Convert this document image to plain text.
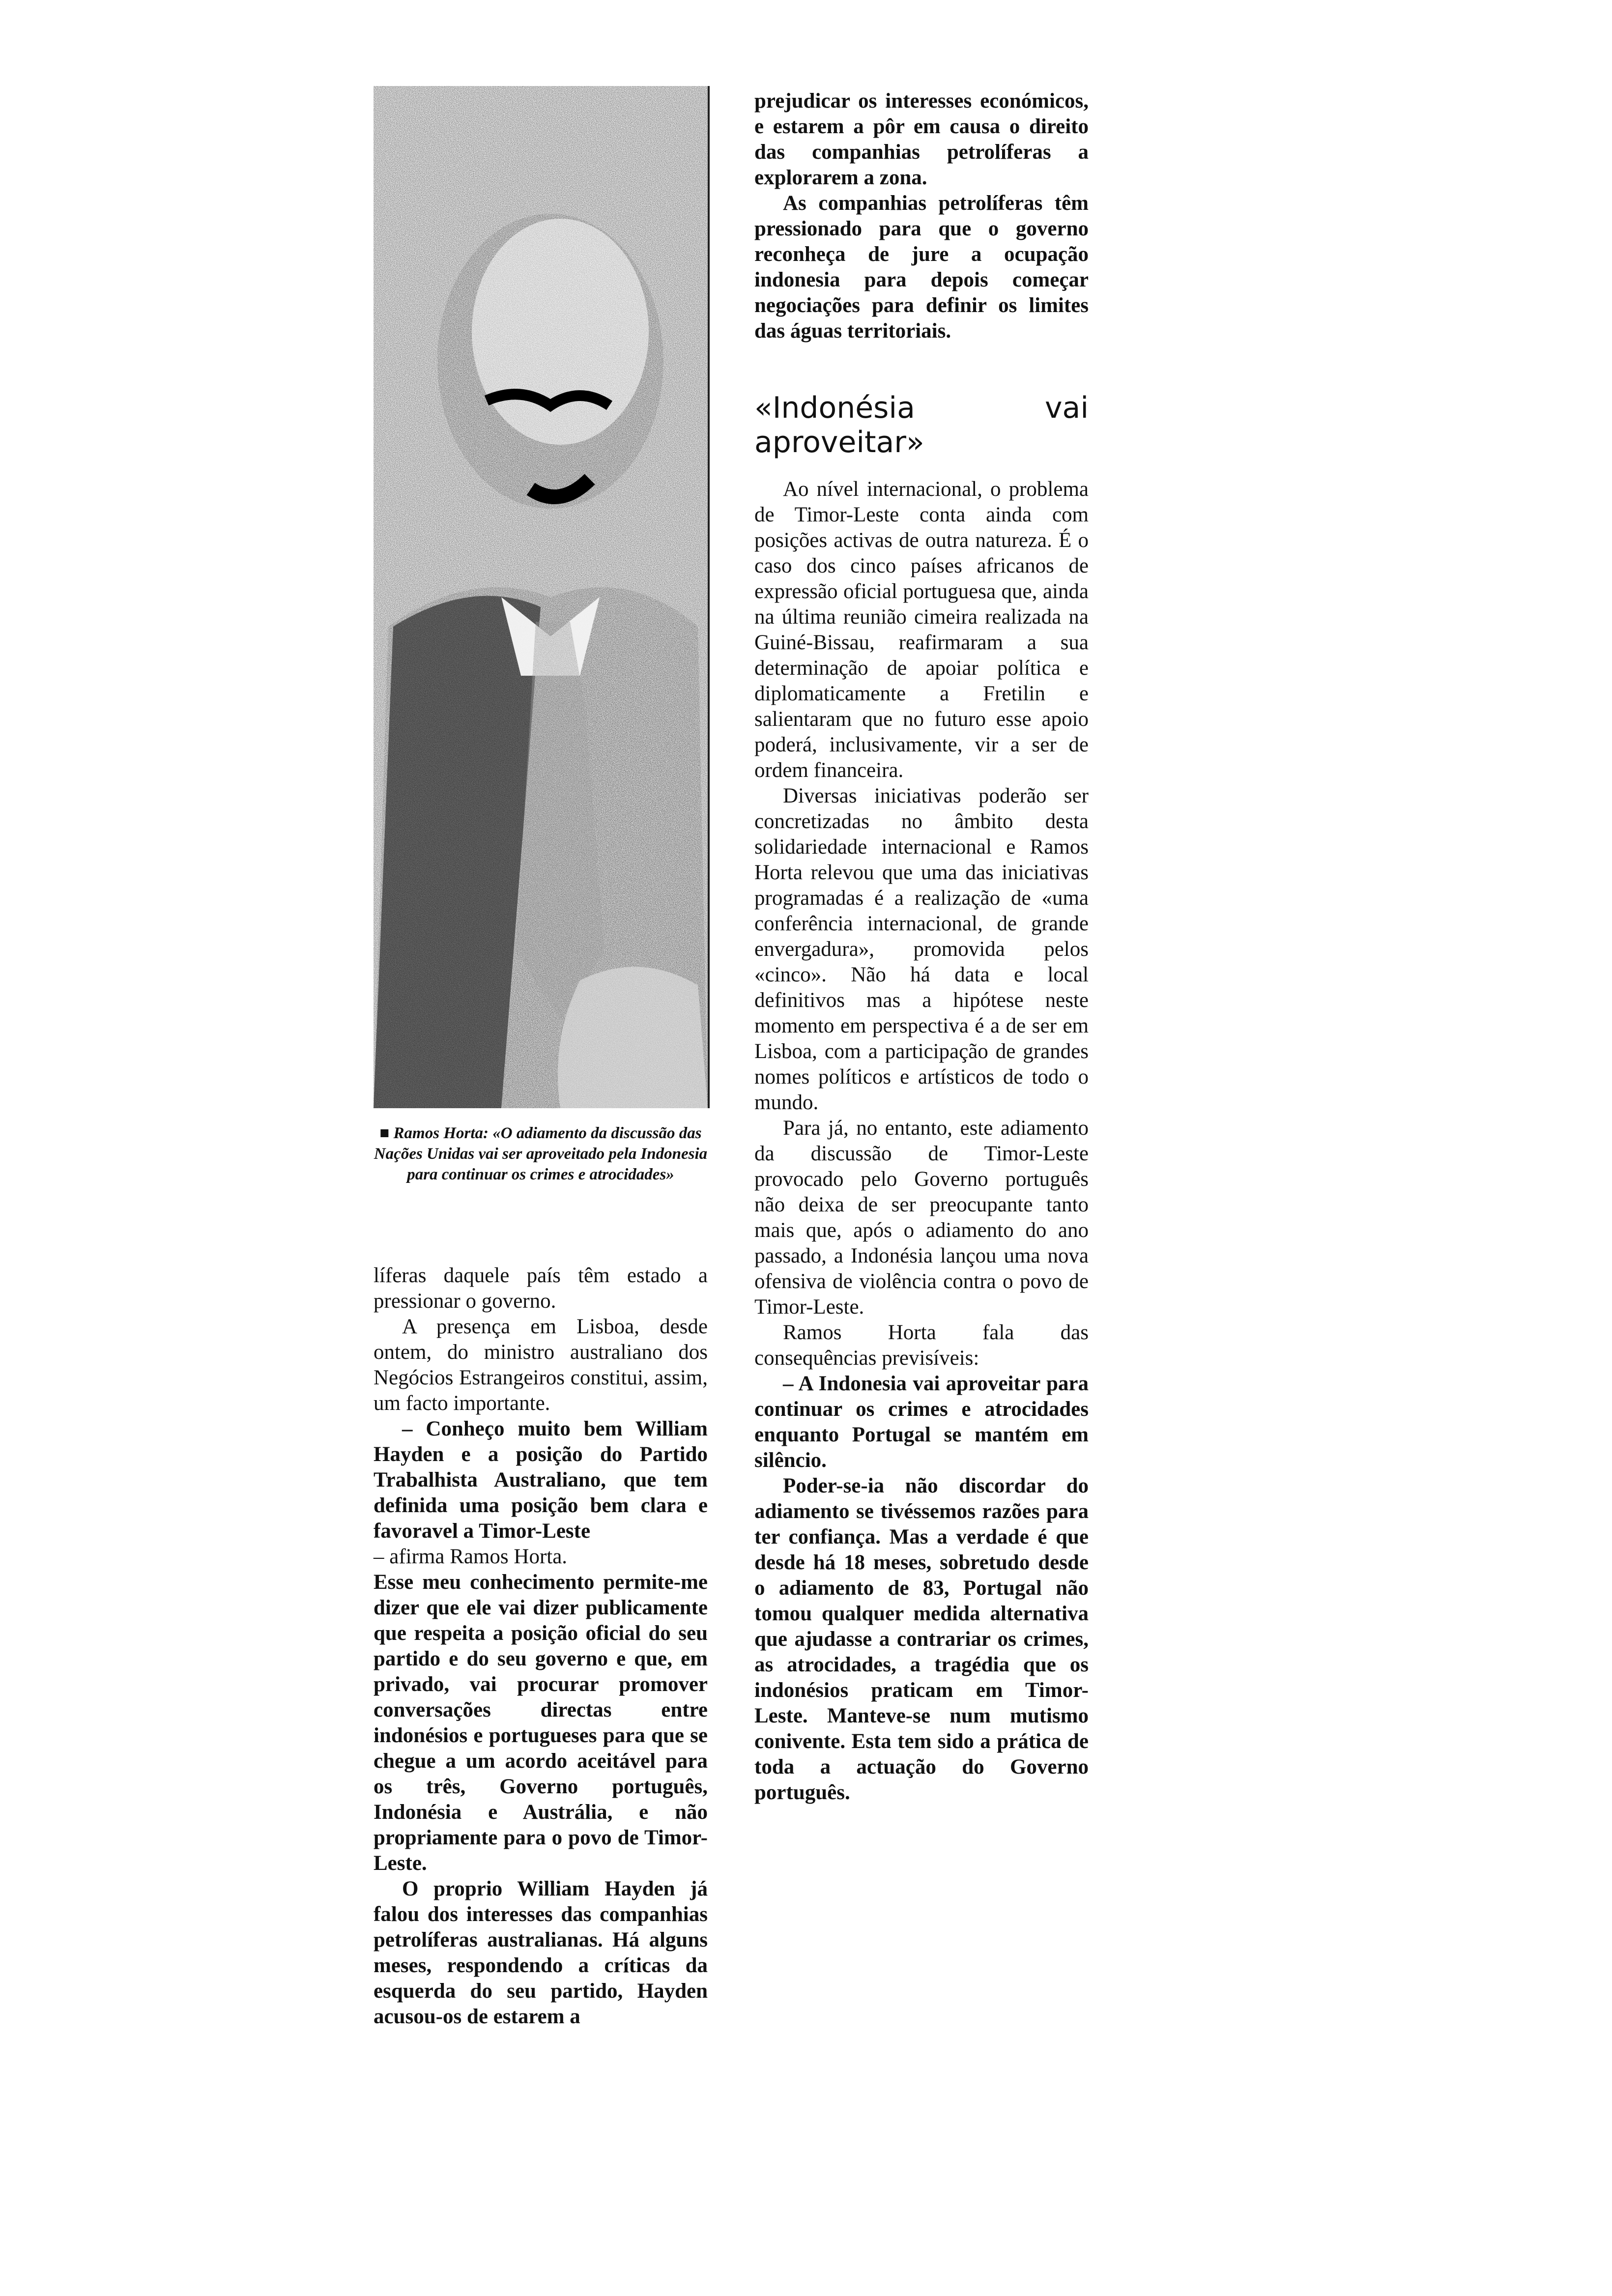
■ Ramos Horta: «O adiamento da discussão das Nações Unidas vai ser aproveitado pela Indonesia para continuar os crimes e atrocidades»

líferas daquele país têm estado a pressionar o governo.

A presença em Lisboa, desde ontem, do ministro australiano dos Negócios Estrangeiros constitui, assim, um facto importante.

– Conheço muito bem William Hayden e a posição do Partido Trabalhista Australiano, que tem definida uma posição bem clara e favoravel a Timor-Leste

– afirma Ramos Horta.

Esse meu conhecimento permite-me dizer que ele vai dizer publicamente que respeita a posição oficial do seu partido e do seu governo e que, em privado, vai procurar promover conversações directas entre indonésios e portugueses para que se chegue a um acordo aceitável para os três, Governo português, Indonésia e Austrália, e não propriamente para o povo de Timor-Leste.

O proprio William Hayden já falou dos interesses das companhias petrolíferas australianas. Há alguns meses, respondendo a críticas da esquerda do seu partido, Hayden acusou-os de estarem a

prejudicar os interesses económicos, e estarem a pôr em causa o direito das companhias petrolíferas a explorarem a zona.

As companhias petrolíferas têm pressionado para que o governo reconheça de jure a ocupação indonesia para depois começar negociações para definir os limites das águas territoriais.

«Indonésia vai aproveitar»

Ao nível internacional, o problema de Timor-Leste conta ainda com posições activas de outra natureza. É o caso dos cinco países africanos de expressão oficial portuguesa que, ainda na última reunião cimeira realizada na Guiné-Bissau, reafirmaram a sua determinação de apoiar política e diplomaticamente a Fretilin e salientaram que no futuro esse apoio poderá, inclusivamente, vir a ser de ordem financeira.

Diversas iniciativas poderão ser concretizadas no âmbito desta solidariedade internacional e Ramos Horta relevou que uma das iniciativas programadas é a realização de «uma conferência internacional, de grande envergadura», promovida pelos «cinco». Não há data e local definitivos mas a hipótese neste momento em perspectiva é a de ser em Lisboa, com a participação de grandes nomes políticos e artísticos de todo o mundo.

Para já, no entanto, este adiamento da discussão de Timor-Leste provocado pelo Governo português não deixa de ser preocupante tanto mais que, após o adiamento do ano passado, a Indonésia lançou uma nova ofensiva de violência contra o povo de Timor-Leste.

Ramos Horta fala das consequências previsíveis:

– A Indonesia vai aproveitar para continuar os crimes e atrocidades enquanto Portugal se mantém em silêncio.

Poder-se-ia não discordar do adiamento se tivéssemos razões para ter confiança. Mas a verdade é que desde há 18 meses, sobretudo desde o adiamento de 83, Portugal não tomou qualquer medida alternativa que ajudasse a contrariar os crimes, as atrocidades, a tragédia que os indonésios praticam em Timor-Leste. Manteve-se num mutismo conivente. Esta tem sido a prática de toda a actuação do Governo português.
